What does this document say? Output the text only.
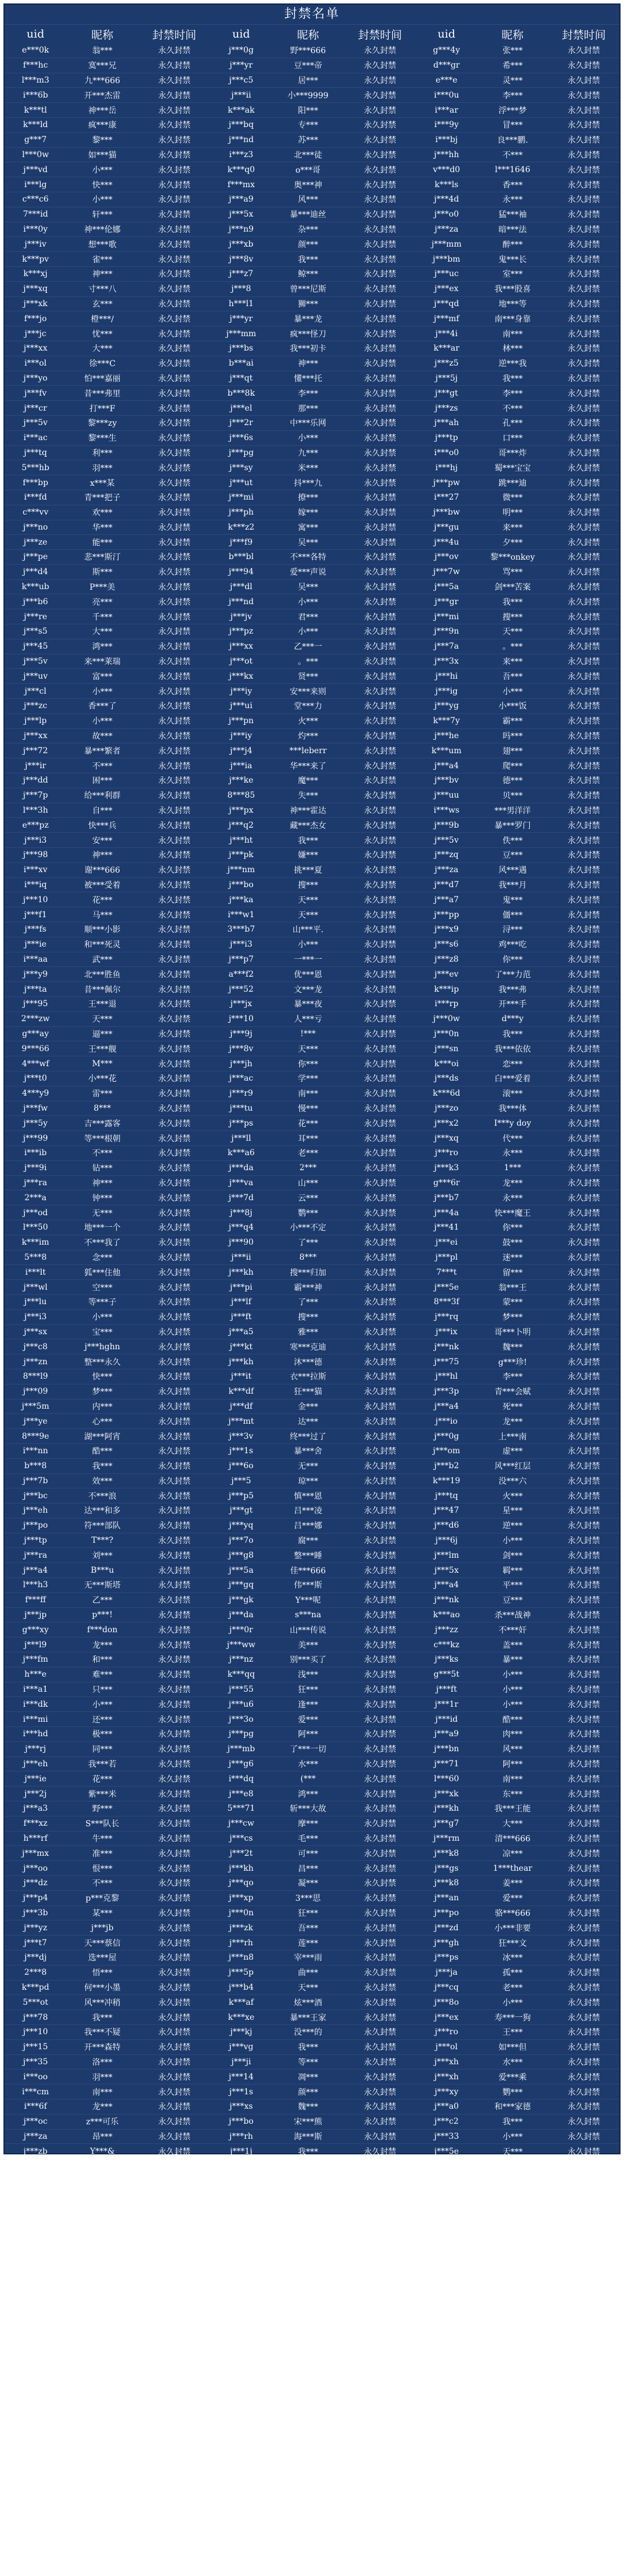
封禁名单
uid	昵称	封禁时间
e***0k	翁***	永久封禁
f***hc	寞***兄	永久封禁
l***m3	九***666	永久封禁
i***6b	开***杰雷	永久封禁
k***tl	神***岳	永久封禁
k***ld	疯***康	永久封禁
g***7	黎***	永久封禁
l***0w	如***猫	永久封禁
j***vd	小***	永久封禁
i***lg	快***	永久封禁
c***c6	小***	永久封禁
7***id	轩***	永久封禁
i***0y	神***伦娜	永久封禁
j***iv	想***歌	永久封禁
k***pv	雀***	永久封禁
k***xj	神***	永久封禁
j***xq	寸***八	永久封禁
j***xk	玄***	永久封禁
f***jo	橙***/	永久封禁
j***jc	忧***	永久封禁
j***xx	大***	永久封禁
i***ol	徐***C	永久封禁
j***yo	怕***嘉丽	永久封禁
j***fv	昔***弗里	永久封禁
j***cr	打***F	永久封禁
j***5v	黎***zy	永久封禁
i***ac	黎***生	永久封禁
j***tq	利***	永久封禁
5***hb	羽***	永久封禁
f***bp	x***某	永久封禁
i***fd	青***把子	永久封禁
c***vv	欢***	永久封禁
j***no	华***	永久封禁
j***ze	能***	永久封禁
j***pe	悲***斯汀	永久封禁
j***d4	斯***	永久封禁
k***ub	P***美	永久封禁
j***b6	亮***	永久封禁
j***re	千***	永久封禁
j***s5	大***	永久封禁
j***45	鸿***	永久封禁
j***5v	来***莱瑞	永久封禁
j***uv	富***	永久封禁
j***cl	小***	永久封禁
j***zc	香***了	永久封禁
j***lp	小***	永久封禁
j***xx	故***	永久封禁
j***72	暴***繁者	永久封禁
j***ir	不***	永久封禁
j***dd	困***	永久封禁
j***7p	给***利群	永久封禁
l***3h	自***	永久封禁
e***pz	快***兵	永久封禁
j***i3	安***	永久封禁
j***98	神***	永久封禁
i***xv	谢***666	永久封禁
i***iq	被***受着	永久封禁
j***10	花***	永久封禁
j***f1	马***	永久封禁
j***fs	顺***小影	永久封禁
j***ie	和***死灵	永久封禁
i***aa	武***	永久封禁
j***y9	北***胜鱼	永久封禁
j***ta	昔***佩尔	永久封禁
j***95	王***退	永久封禁
2***zw	天***	永久封禁
g***ay	逼***	永久封禁
9***66	王***舰	永久封禁
4***wf	M***	永久封禁
j***t0	小***花	永久封禁
4***y9	雷***	永久封禁
j***fw	8***	永久封禁
j***5y	吉***露客	永久封禁
j***99	等***根朝	永久封禁
i***ib	不***	永久封禁
j***9i	钻***	永久封禁
j***ra	神***	永久封禁
2***a	钟***	永久封禁
j***od	无***	永久封禁
l***50	地***一个	永久封禁
k***im	不***我了	永久封禁
5***8	念***	永久封禁
i***lt	狐***住他	永久封禁
j***wl	空***	永久封禁
j***lu	等***子	永久封禁
j***i3	小***	永久封禁
j***sx	宝***	永久封禁
j***c8	j***hghn	永久封禁
j***zn	整***永久	永久封禁
8***l9	快***	永久封禁
j***09	梦***	永久封禁
j***5m	内***	永久封禁
j***ye	心***	永久封禁
8***9e	湖***阿宵	永久封禁
i***nn	酷***	永久封禁
b***8	我***	永久封禁
j***7b	效***	永久封禁
j***bc	不***浪	永久封禁
j***eh	达***和多	永久封禁
j***po	符***部队	永久封禁
j***tp	T***?	永久封禁
j***ra	刘***	永久封禁
j***a4	B***u	永久封禁
l***h3	无***斯塔	永久封禁
f***ff	乙***	永久封禁
j***jp	p***!	永久封禁
g***xy	f***don	永久封禁
j***l9	龙***	永久封禁
j***fm	和***	永久封禁
h***e	难***	永久封禁
i***a1	只***	永久封禁
i***dk	小***	永久封禁
i***mi	还***	永久封禁
i***hd	极***	永久封禁
j***rj	同***	永久封禁
j***eh	我***若	永久封禁
j***ie	花***	永久封禁
j***2j	紫***米	永久封禁
j***a3	野***	永久封禁
f***xz	S***队长	永久封禁
h***rf	牛***	永久封禁
j***mx	准***	永久封禁
j***oo	恨***	永久封禁
j***dz	不***	永久封禁
j***p4	p***克黎	永久封禁
j***3b	某***	永久封禁
j***yz	j***jb	永久封禁
j***t7	天***蔡信	永久封禁
j***dj	选***屋	永久封禁
2***8	悟***	永久封禁
k***pd	何***小墨	永久封禁
5***ot	风***冲稍	永久封禁
j***78	我***	永久封禁
j***10	我***不疑	永久封禁
j***15	开***森特	永久封禁
j***35	洛***	永久封禁
i***oo	羽***	永久封禁
i***cm	南***	永久封禁
i***6f	龙***	永久封禁
j***oc	z***可乐	永久封禁
j***za	昂***	永久封禁
j***zb	Y***&	永久封禁
j***z6	小***	永久封禁
7***81	吾***	永久封禁
j***z1	逍***退	永久封禁
j***ji	宁***	永久封禁
i***oo	羽***	永久封禁
k***0d	喂***鱼	永久封禁
j***rl	樱***熊	永久封禁
j***6d	猴***来	永久封禁
j***sl	天***圣体	永久封禁
j***p8	东***如	永久封禁
j***ul	d***	永久封禁
l***li	天***阻尼	永久封禁
j***bz	天***玉斯	永久封禁
j***7l	卜***	永久封禁
j***58	迦***	永久封禁
j***8	没***	永久封禁
j***dm	轮***	永久封禁
j***a8	蓝***	永久封禁
j***p6	蔡***	永久封禁
j***5	T***机	永久封禁
j***j1	无***	永久封禁
j***s8	寞***	永久封禁
k***en	f***	永久封禁
l***if	开***藏妃	永久封禁
l***07	先***西	永久封禁
uid	昵称	封禁时间
j***0g	野***666	永久封禁
j***yr	豆***帝	永久封禁
j***c5	居***	永久封禁
j***ii	小***9999	永久封禁
k***ak	阳***	永久封禁
j***bq	专***	永久封禁
j***nd	苏***	永久封禁
i***z3	北***徒	永久封禁
k***q0	o***哥	永久封禁
f***mx	奥***神	永久封禁
j***a9	风***	永久封禁
j***5x	暴***迪丝	永久封禁
j***n9	杂***	永久封禁
j***xb	颜***	永久封禁
j***8v	我***	永久封禁
j***z7	鲸***	永久封禁
j***8	曾***尼斯	永久封禁
h***l1	狮***	永久封禁
j***yr	暴***龙	永久封禁
j***mm	疯***怪刀	永久封禁
j***bs	我***初卡	永久封禁
b***ai	神***	永久封禁
j***qt	懂***托	永久封禁
b***8k	李***	永久封禁
j***el	那***	永久封禁
j***2r	中***乐网	永久封禁
j***6s	小***	永久封禁
j***pg	九***	永久封禁
j***sy	米***	永久封禁
j***ut	抖***九	永久封禁
j***mi	撩***	永久封禁
j***ph	嫁***	永久封禁
k***z2	寓***	永久封禁
j***f9	吴***	永久封禁
b***bl	不***各特	永久封禁
j***94	爱***声说	永久封禁
j***dl	吴***	永久封禁
j***nd	小***	永久封禁
j***jv	君***	永久封禁
j***pz	小***	永久封禁
j***xx	乙***一	永久封禁
j***ot	。***	永久封禁
j***kx	贤***	永久封禁
j***iy	安***来则	永久封禁
j***ui	堂***力	永久封禁
j***pn	火***	永久封禁
j***iy	灼***	永久封禁
j***j4	***leberr	永久封禁
j***ia	华***来了	永久封禁
j***ke	魔***	永久封禁
8***85	失***	永久封禁
j***px	神***霍达	永久封禁
j***q2	藏***杰女	永久封禁
j***ht	我***	永久封禁
j***pk	嫌***	永久封禁
j***nm	挑***夏	永久封禁
j***bo	搜***	永久封禁
j***ka	天***	永久封禁
i***w1	天***	永久封禁
3***b7	山***平.	永久封禁
j***i3	小***	永久封禁
j***p7	一***一	永久封禁
a***f2	优***恩	永久封禁
j***52	文***龙	永久封禁
j***jx	暴***夜	永久封禁
j***10	人***亏	永久封禁
j***9j	!***	永久封禁
j***8v	天***	永久封禁
j***jh	你***	永久封禁
j***ac	学***	永久封禁
j***r9	南***	永久封禁
j***tu	慢***	永久封禁
j***ps	花***	永久封禁
j***ll	耳***	永久封禁
k***a6	老***	永久封禁
j***da	2***	永久封禁
j***va	山***	永久封禁
j***7d	云***	永久封禁
j***8j	鹦***	永久封禁
j***q4	小***不定	永久封禁
j***90	了***	永久封禁
j***ii	8***	永久封禁
j***kh	搜***归加	永久封禁
j***pi	霸***神	永久封禁
j***lf	了***	永久封禁
j***ft	搜***	永久封禁
j***a5	雅***	永久封禁
j***kt	寒***克迪	永久封禁
j***kh	沐***德	永久封禁
j***it	衣***拉斯	永久封禁
k***df	狂***猫	永久封禁
j***df	金***	永久封禁
j***mt	达***	永久封禁
j***3v	终***过了	永久封禁
j***1s	暴***舍	永久封禁
j***6o	无***	永久封禁
j***5	琼***	永久封禁
j***p5	慎***恩	永久封禁
j***gt	吕***凌	永久封禁
j***yq	吕***娜	永久封禁
j***7o	腐***	永久封禁
j***g8	整***睡	永久封禁
j***5a	佳***666	永久封禁
j***gq	伟***斯	永久封禁
j***gk	Y***呢	永久封禁
j***da	s***na	永久封禁
j***0r	山***传说	永久封禁
j***ww	美***	永久封禁
j***nz	别***买了	永久封禁
k***qq	浅***	永久封禁
j***55	狂***	永久封禁
j***u6	逢***	永久封禁
j***3o	爱***	永久封禁
j***pg	阿***	永久封禁
j***mb	了***一切	永久封禁
j***g6	水***	永久封禁
i***dq	(***	永久封禁
j***e8	鸿***	永久封禁
5***71	斩***大故	永久封禁
j***cw	摩***	永久封禁
j***cs	毛***	永久封禁
j***2t	可***	永久封禁
j***kh	昌***	永久封禁
j***qo	凝***	永久封禁
j***xp	3***思	永久封禁
j***0n	狂***	永久封禁
j***zk	吾***	永久封禁
j***rh	莲***	永久封禁
j***n8	宰***雨	永久封禁
j***5p	曲***	永久封禁
j***b4	天***	永久封禁
k***af	炫***酒	永久封禁
k***xe	暴***王家	永久封禁
j***kj	没***的	永久封禁
j***vg	我***	永久封禁
j***ji	等***	永久封禁
j***14	凋***	永久封禁
j***1s	颜***	永久封禁
j***xs	魏***	永久封禁
j***bo	宋***熊	永久封禁
j***rh	海***斯	永久封禁
j***1j	我***	永久封禁
j***k8	华***	永久封禁
j***f9	手***度	永久封禁
j***h8	暴***	永久封禁
j***l9	哥***力	永久封禁
i***i0	红***	永久封禁
j***ib	我***拉	永久封禁
d***a0	l***猫天王	永久封禁
j***l5	狂***利	永久封禁
j***n0	吴***	永久封禁
j***cd	旦***	永久封禁
j***6	吴***	永久封禁
j***1h	宽***丸	永久封禁
j***q4	是***	永久封禁
j***y7	E***彦	永久封禁
j***x0	闲***	永久封禁
j***cw	落***力	永久封禁
j***2j	蔚***	永久封禁
j***oo	折***	永久封禁
j***ro	咸***	永久封禁
j***x4	木***度	永久封禁
j***41	大***	永久封禁
j***9y	懂***迪	永久封禁
j***4l	邪***	永久封禁
j***j1	帝***	永久封禁
j***w3	乙***家	永久封禁
j***j3	冰***	永久封禁
uid	昵称	封禁时间
g***4y	张***	永久封禁
d***gr	希***	永久封禁
e***e	灵***	永久封禁
i***0u	李***	永久封禁
i***ar	浮***梦	永久封禁
i***9y	冒***	永久封禁
i***bj	良***鹏.	永久封禁
j***hh	不***	永久封禁
v***d0	l***1646	永久封禁
k***ls	香***	永久封禁
j***4d	永***	永久封禁
j***o0	猛***袖	永久封禁
j***za	暗***法	永久封禁
j***mm	醉***	永久封禁
j***bm	鬼***长	永久封禁
j***uc	室***	永久封禁
j***ex	我***股喜	永久封禁
j***qd	地***等	永久封禁
j***mf	南***身靠	永久封禁
j***4i	南***	永久封禁
k***ar	林***	永久封禁
j***z5	逆***我	永久封禁
j***5j	我***	永久封禁
j***gt	李***	永久封禁
j***zs	不***	永久封禁
j***ah	孔***	永久封禁
j***tp	口***	永久封禁
i***o0	哥***炸	永久封禁
i***hj	蜀***宝宝	永久封禁
j***pw	跳***迪	永久封禁
i***27	微***	永久封禁
j***bw	明***	永久封禁
j***gu	来***	永久封禁
j***4u	夕***	永久封禁
j***ov	黎***onkey	永久封禁
j***7w	骂***	永久封禁
j***5a	剑***苦案	永久封禁
j***gr	我***	永久封禁
j***mi	搜***	永久封禁
j***9n	天***	永久封禁
j***7a	。***	永久封禁
j***3x	来***	永久封禁
j***hi	吾***	永久封禁
j***ig	小***	永久封禁
j***yg	小***饭	永久封禁
k***7y	霸***	永久封禁
j***he	吗***	永久封禁
k***um	翅***	永久封禁
j***a4	爬***	永久封禁
j***bv	德***	永久封禁
j***uu	贝***	永久封禁
i***ws	***男洋洋	永久封禁
j***9b	暴***罗门	永久封禁
j***5v	佚***	永久封禁
j***zq	豆***	永久封禁
j***za	风***遇	永久封禁
j***d7	我***月	永久封禁
j***a7	鬼***	永久封禁
j***pp	僵***	永久封禁
j***x9	浔***	永久封禁
j***s6	鸡***吃	永久封禁
j***z8	你***	永久封禁
j***ev	了***力范	永久封禁
k***ip	我***弗	永久封禁
i***rp	开***手	永久封禁
j***0w	d***y	永久封禁
j***0n	我***	永久封禁
j***sn	我***依依	永久封禁
k***oi	恋***	永久封禁
j***ds	白***爱着	永久封禁
k***6d	滚***	永久封禁
j***zo	我***体	永久封禁
j***x2	I***y doy	永久封禁
j***xq	代***	永久封禁
j***ro	永***	永久封禁
j***k3	1***	永久封禁
g***6r	龙***	永久封禁
j***b7	永***	永久封禁
j***4a	快***魔王	永久封禁
j***41	你***	永久封禁
j***ei	鼓***	永久封禁
j***pl	迷***	永久封禁
7***t	留***	永久封禁
j***5e	翁***王	永久封禁
8***3f	蒙***	永久封禁
j***rq	梦***	永久封禁
j***ix	哥***卜明	永久封禁
j***nk	魏***	永久封禁
j***75	g***珍!	永久封禁
j***hl	李***	永久封禁
j***3p	青***会赋	永久封禁
j***a4	死***	永久封禁
j***io	龙***	永久封禁
j***0g	上***南	永久封禁
j***om	虚***	永久封禁
j***b2	风***红层	永久封禁
k***19	没***六	永久封禁
j***tq	火***	永久封禁
j***47	星***	永久封禁
j***d6	逆***	永久封禁
j***6j	小***	永久封禁
j***lm	剑***	永久封禁
j***5x	羁***	永久封禁
j***a4	平***	永久封禁
j***nk	豆***	永久封禁
k***ao	杀***战神	永久封禁
j***zz	不***奸	永久封禁
c***kz	盖***	永久封禁
j***ks	暴***	永久封禁
g***5t	小***	永久封禁
j***ft	小***	永久封禁
j***1r	小***	永久封禁
j***id	酷***	永久封禁
j***a9	肉***	永久封禁
j***bn	风***	永久封禁
j***71	阿***	永久封禁
l***60	南***	永久封禁
j***xk	东***	永久封禁
j***kh	我***王能	永久封禁
j***g7	大***	永久封禁
j***rm	清***666	永久封禁
j***k8	凉***	永久封禁
j***gs	1***thear	永久封禁
j***k8	姜***	永久封禁
j***an	爱***	永久封禁
j***po	骆***666	永久封禁
j***zd	小***非要	永久封禁
j***gh	狂***文	永久封禁
j***ps	冰***	永久封禁
j***ja	孤***	永久封禁
j***cq	老***	永久封禁
j***8o	小***	永久封禁
j***ex	寿***一狗	永久封禁
j***ro	王***	永久封禁
j***ol	如***但	永久封禁
j***xh	水***	永久封禁
j***xh	爱***乘	永久封禁
j***xy	鹦***	永久封禁
j***a0	和***家德	永久封禁
j***c2	我***	永久封禁
j***33	小***	永久封禁
j***5e	天***	永久封禁
j***a1	梦***	永久封禁
j***7	帅***实	永久封禁
j***xf	猫***	永久封禁
j***9j	能***	永久封禁
j***on	南***利布	永久封禁
j***lp	疯***塞博	永久封禁
j***zk	喵***	永久封禁
j***8j	快***事	永久封禁
j***bd	冰***	永久封禁
j***hy	吃***	永久封禁
j***g	剑***	永久封禁
j***7g	生***东尼	永久封禁
k***s0	整***	永久封禁
j***z3	生***多	永久封禁
j***sa	喵***	永久封禁
j***59	神***恩恩	永久封禁
j***wg	是***	永久封禁
j***bs	秋***	永久封禁
j***ke	遇***来了	永久封禁
j***6s	白***	永久封禁
j***97	墨***	永久封禁
j***bd	永***	永久封禁
k***j2	准***	永久封禁
j***mj	神***	永久封禁
j***0n	咖***	永久封禁
j***ym	我***琳娜	永久封禁
k***3f	小***	永久封禁
j***sl	小***	永久封禁
